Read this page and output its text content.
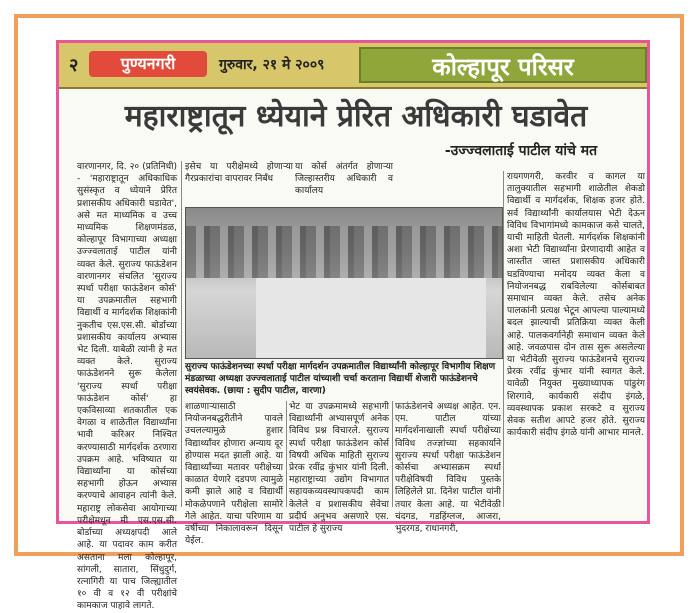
२	पुण्यनगरी	गुरुवार, २१ मे २००९	कोल्हापूर परिसर
महाराष्ट्रातून ध्येयाने प्रेरित अधिकारी घडावेत
-उज्ज्वलाताई पाटील यांचे मत

वारणानगर, दि. २० (प्रतिनिधी) - 'महाराष्ट्रातून अधिकाधिक सुसंस्कृत व ध्येयाने प्रेरित प्रशासकीय अधिकारी घडावेत', असे मत माध्यमिक व उच्च माध्यमिक शिक्षणमंडळ, कोल्हापूर विभागाच्या अध्यक्षा उज्ज्वलाताई पाटील यांनी व्यक्त केले. सुराज्य फाऊंडेशन वारणानगर संचलित 'सुराज्य स्पर्धा परीक्षा फाऊंडेशन कोर्स' या उपक्रमातील सहभागी विद्यार्थी व मार्गदर्शक शिक्षकांनी नुकतीच एस.एस.सी. बोर्डाच्या प्रशासकीय कार्यालय अभ्यास भेट दिली. याबेळी त्यांनी हे मत व्यक्त केले. सुराज्य फाऊंडेशनने सुरू केलेला 'सुराज्य स्पर्धा परीक्षा फाऊंडेशन कोर्स' हा एकविसाव्या शतकातील एक वेगळा व शाळेतील विद्यार्थ्यांना भावी करिअर निश्चित करण्यासाठी मार्गदर्शक ठरणारा उपक्रम आहे. भविष्यात या विद्यार्थ्यांना या कोर्सच्या सहभागी होऊन अभ्यास करण्याचे आवाहन त्यांनी केले. महाराष्ट्र लोकसेवा आयोगाच्या परीक्षेमधून मी एस.एस.सी. बोर्डाच्या अध्यक्षपदी आले आहे. या पदावर काम करीत असताना मला कोल्हापूर, सांगली, सातारा, सिंधुदुर्ग, रत्नागिरी या पाच जिल्ह्यातील १० वी व १२ वी परीक्षांचे कामकाज पाहावे लागते.

इसेच या परीक्षेमध्ये होणाऱ्या गैरप्रकारांचा वापरावर निर्बंध

या कोर्स अंतर्गत होणाऱ्या जिल्हास्तरीय अधिकारी व कार्यालय

सुराज्य फाऊंडेशनच्या स्पर्धा परीक्षा मार्गदर्शन उपक्रमातील विद्यार्थ्यांनी कोल्हापूर विभागीय शिक्षण मंडळाच्या अध्यक्षा उज्ज्वलाताई पाटील यांच्याशी चर्चा करताना विद्यार्थी शेजारी फाऊंडेशनचे स्वयंसेवक. (छाया : सुदीप पाटील, वारणा)

रायगणगरी, करवीर व कागल या तालुक्यातील सहभागी शाळेतील शेकडो विद्यार्थी व मार्गदर्शक, शिक्षक हजर होते. सर्व विद्यार्थ्यांनी कार्यालयास भेटी देऊन विविध विभागांमध्ये कामकाज कसे चालते, याची माहिती घेतली. मार्गदर्शक शिक्षकांनी अशा भेटी विद्यार्थ्यांना प्रेरणादायी आहेत व जास्तीत जास्त प्रशासकीय अधिकारी घडविण्याचा मनोदय व्यक्त केला व नियोजनबद्ध राबविलेल्या कोर्सबाबत समाधान व्यक्त केले. तसेच अनेक पालकांनी प्रत्यक्ष भेटून आपल्या पाल्यामध्ये बदल झाल्याची प्रतिक्रिया व्यक्त केली आहे. पालकवर्गानेही समाधान व्यक्त केले आहे. जवळपास दोन तास सुरू असलेल्या या भेटीवेळी सुराज्य फाऊंडेशनचे सुराज्य प्रेरक रवींद्र कुंभार यांनी स्वागत केले. यावेळी नियुक्त मुख्याध्यापक पांडुरंग शिरगावे, कार्यकारी संदीप इंगळे, व्यवस्थापक प्रकाश सरकटे व सुराज्य सेवक सतीश आपटे हजर होते. सुराज्य कार्यकारी संदीप इंगळे यांनी आभार मानले.

शाळणाऱ्यासाठी नियोजनबद्धरीतीने पावले उचलल्यामुळे हुशार विद्यार्थ्यांवर होणारा अन्याय दूर होण्यास मदत झाली आहे. या विद्यार्थ्यांच्या मतावर परीक्षेच्या काळात येणारे दडपण त्यामुळे कमी झाले आहे व विद्यार्थी मोकळेपणाने परीक्षेला सामोरे गेले आहेत. याचा परिणाम या वर्षीच्या निकालावरून दिसून येईल.

भेट या उपक्रमामध्ये सहभागी विद्यार्थ्यांनी अभ्यासपूर्ण अनेक विविध प्रश्न विचारले. सुराज्य स्पर्धा परीक्षा फाऊंडेशन कोर्स विषयी अधिक माहिती सुराज्य प्रेरक रवींद्र कुंभार यांनी दिली. महाराष्ट्राच्या उद्योग विभागात सहायकव्यवस्थापकपदी काम केलेले व प्रशासकीय सेवेचा प्रदीर्घ अनुभव असणारे एस. पाटील हे सुराज्य

फाऊंडेशनचे अध्यक्ष आहेत. एन. एम. पाटील यांच्या मार्गदर्शनाखाली स्पर्धा परीक्षेच्या विविध तज्ज्ञांच्या सहकार्याने सुराज्य स्पर्धा परीक्षा फाऊंडेशन कोर्सचा अभ्यासक्रम स्पर्धा परीक्षेविषयी विविध पुस्तके लिहिलेले प्रा. दिनेश पाटील यांनी तयार केला आहे. या भेटीवेळी चंदगड, गडहिंग्लज, आजरा, भुदरगड, राधानगरी,
